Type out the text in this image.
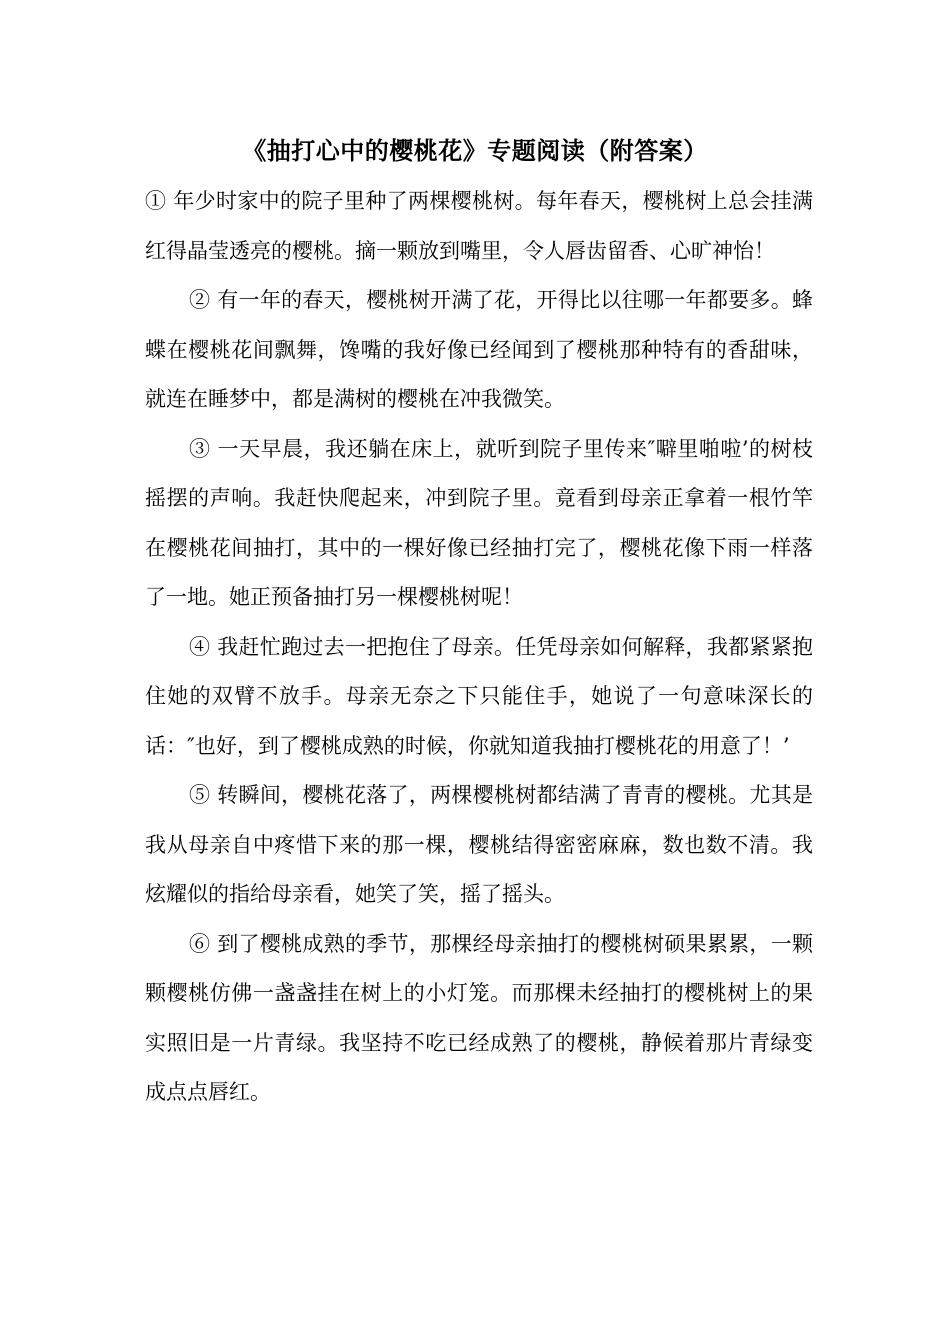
《抽打心中的樱桃花》专题阅读（附答案）

① 年少时家中的院子里种了两棵樱桃树。每年春天，樱桃树上总会挂满红得晶莹透亮的樱桃。摘一颗放到嘴里，令人唇齿留香、心旷神怡！

② 有一年的春天，樱桃树开满了花，开得比以往哪一年都要多。蜂蝶在樱桃花间飘舞，馋嘴的我好像已经闻到了樱桃那种特有的香甜味，就连在睡梦中，都是满树的樱桃在冲我微笑。

③ 一天早晨，我还躺在床上，就听到院子里传来″噼里啪啦’的树枝摇摆的声响。我赶快爬起来，冲到院子里。竟看到母亲正拿着一根竹竿在樱桃花间抽打，其中的一棵好像已经抽打完了，樱桃花像下雨一样落了一地。她正预备抽打另一棵樱桃树呢！

④ 我赶忙跑过去一把抱住了母亲。任凭母亲如何解释，我都紧紧抱住她的双臂不放手。母亲无奈之下只能住手，她说了一句意味深长的话：″也好，到了樱桃成熟的时候，你就知道我抽打樱桃花的用意了！’

⑤ 转瞬间，樱桃花落了，两棵樱桃树都结满了青青的樱桃。尤其是我从母亲自中疼惜下来的那一棵，樱桃结得密密麻麻，数也数不清。我炫耀似的指给母亲看，她笑了笑，摇了摇头。

⑥ 到了樱桃成熟的季节，那棵经母亲抽打的樱桃树硕果累累，一颗颗樱桃仿佛一盏盏挂在树上的小灯笼。而那棵未经抽打的樱桃树上的果实照旧是一片青绿。我坚持不吃已经成熟了的樱桃，静候着那片青绿变成点点唇红。
